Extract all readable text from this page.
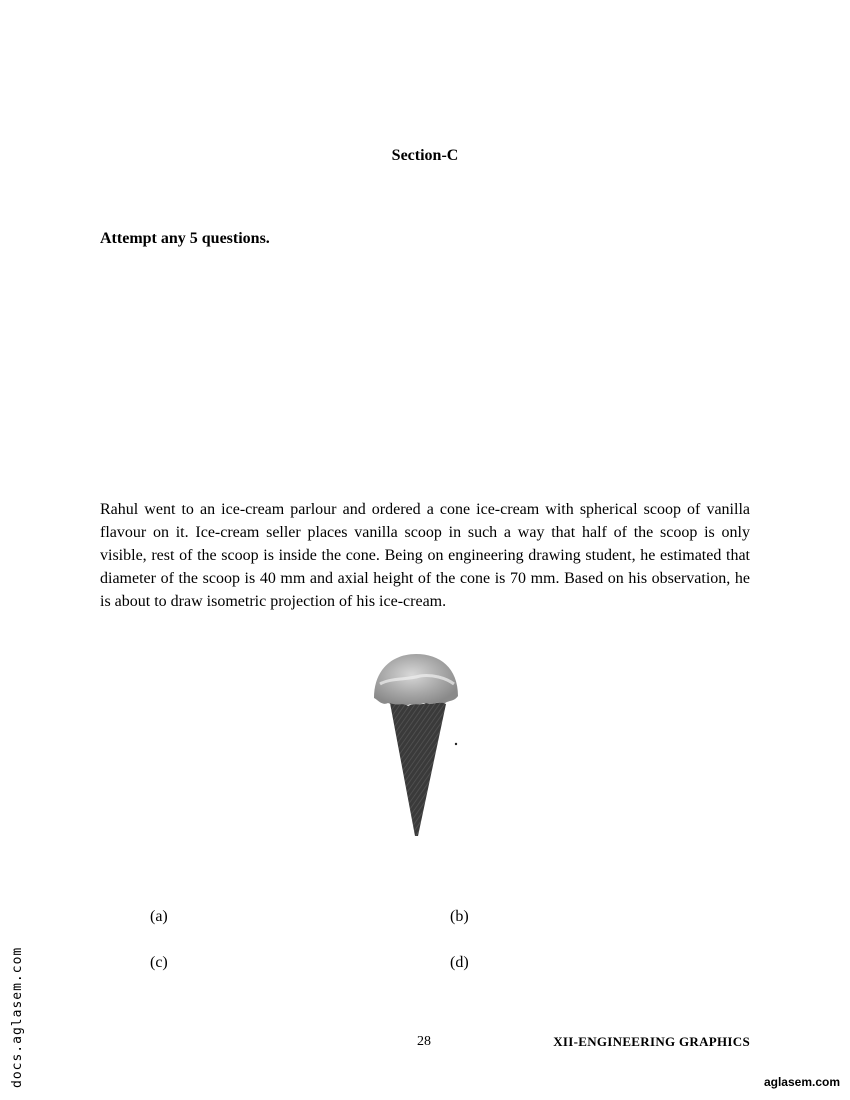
Section-C
Attempt any 5 questions.
Rahul went to an ice-cream parlour and ordered a cone ice-cream with spherical scoop of vanilla flavour on it. Ice-cream seller places vanilla scoop in such a way that half of the scoop is only visible, rest of the scoop is inside the cone. Being on engineering drawing student, he estimated that diameter of the scoop is 40 mm and axial height of the cone is 70 mm. Based on his observation, he is about to draw isometric projection of his ice-cream.
(a)	(b)
(c)	(d)
28	XII-ENGINEERING GRAPHICS
docs.aglasem.com	aglasem.com
